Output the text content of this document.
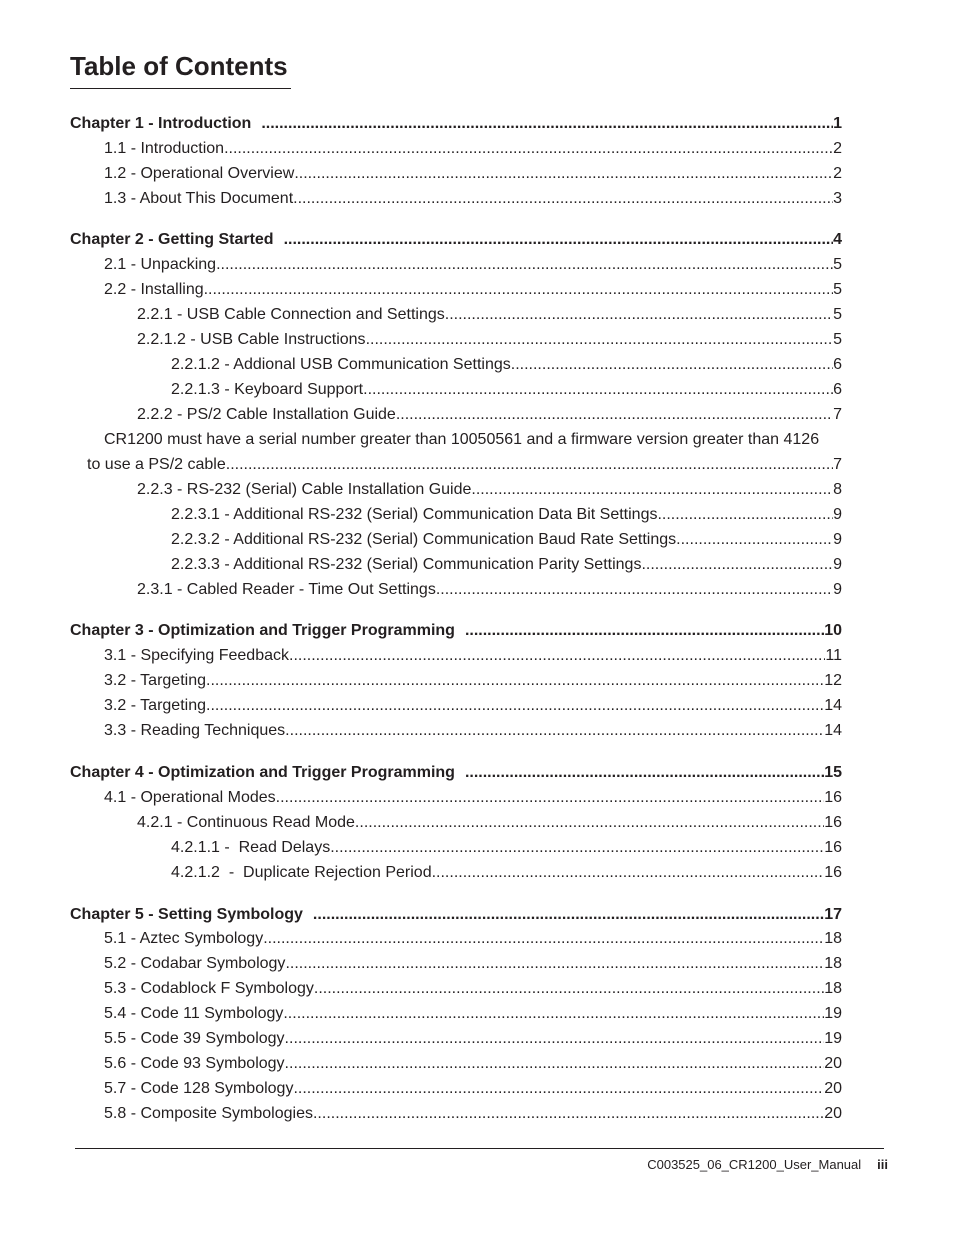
Table of Contents
Chapter 1 - Introduction .....	1
1.1 - Introduction .....	2
1.2 - Operational Overview .....	2
1.3 - About This Document .....	3
Chapter 2 - Getting Started .....	4
2.1 - Unpacking .....	5
2.2 - Installing .....	5
2.2.1 - USB Cable Connection and Settings .....	5
2.2.1.2 - USB Cable Instructions .....	5
2.2.1.2 - Addional USB Communication Settings .....	6
2.2.1.3 - Keyboard Support .....	6
2.2.2 - PS/2 Cable Installation Guide .....	7
CR1200 must have a serial number greater than 10050561 and a firmware version greater than 4126
to use a PS/2 cable. .....	7
2.2.3 - RS-232 (Serial) Cable Installation Guide .....	8
2.2.3.1 - Additional RS-232 (Serial) Communication Data Bit Settings .....	9
2.2.3.2 - Additional RS-232 (Serial) Communication Baud Rate Settings .....	9
2.2.3.3 - Additional RS-232 (Serial) Communication Parity Settings. .....	9
2.3.1 - Cabled Reader - Time Out Settings .....	9
Chapter 3 - Optimization and Trigger Programming .....	10
3.1 - Specifying Feedback .....	11
3.2 - Targeting .....	12
3.2 - Targeting .....	14
3.3 - Reading Techniques .....	14
Chapter 4 - Optimization and Trigger Programming .....	15
4.1 - Operational Modes .....	16
4.2.1 - Continuous Read Mode .....	16
4.2.1.1 -  Read Delays .....	16
4.2.1.2  -  Duplicate Rejection Period .....	16
Chapter 5 - Setting Symbology .....	17
5.1 - Aztec Symbology .....	18
5.2 - Codabar Symbology .....	18
5.3 - Codablock F Symbology .....	18
5.4 - Code 11 Symbology .....	19
5.5 - Code 39 Symbology .....	19
5.6 - Code 93 Symbology .....	20
5.7 - Code 128 Symbology .....	20
5.8 - Composite Symbologies .....	20
C003525_06_CR1200_User_Manual iii
